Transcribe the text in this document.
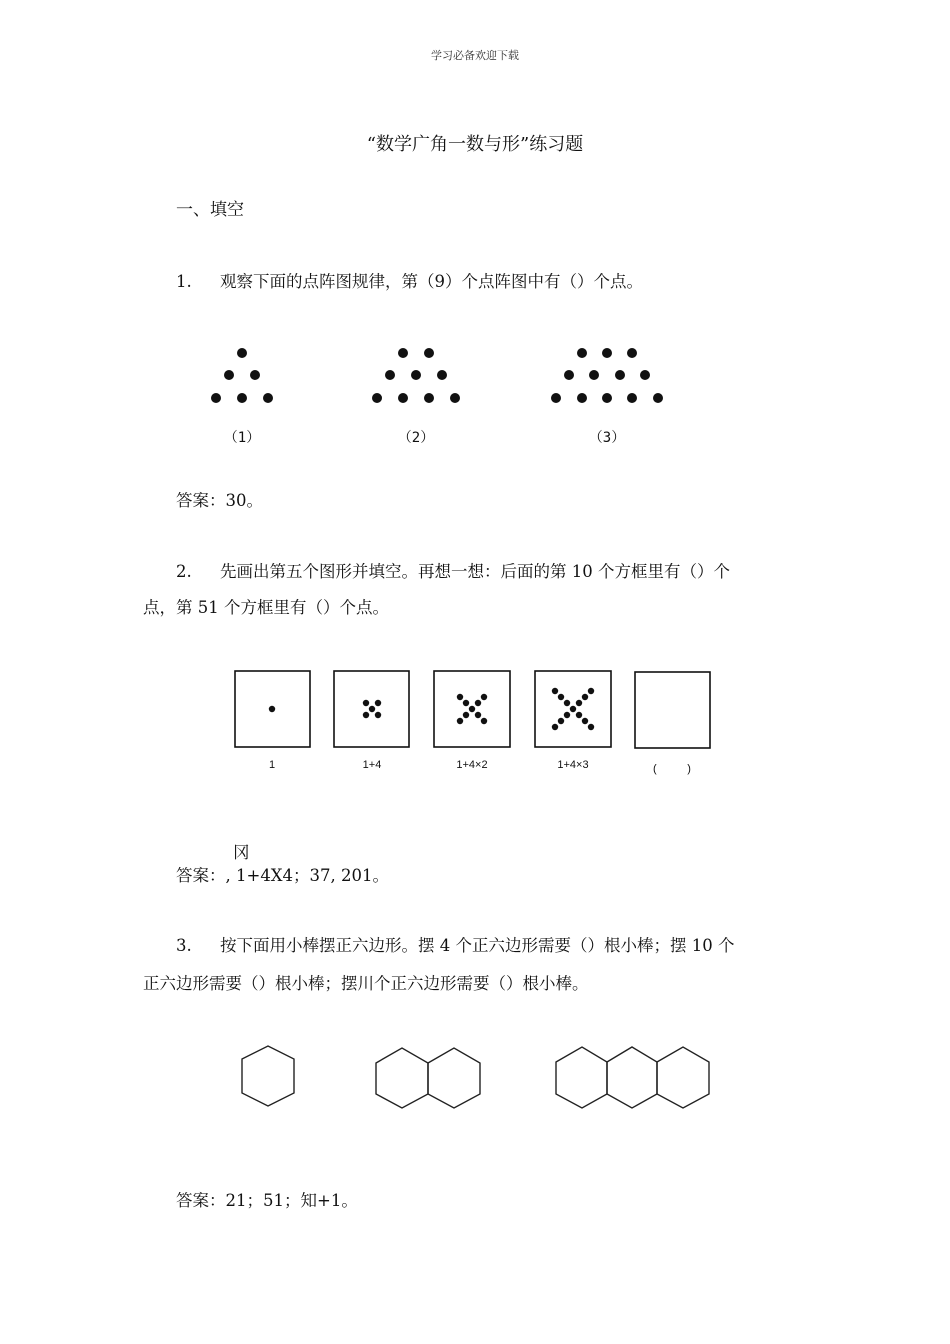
学习必备欢迎下载
“数学广角一数与形”练习题
一、填空
1. 观察下面的点阵图规律，第（9）个点阵图中有（）个点。
（1）	（2）	（3）
答案：30。
2. 先画出第五个图形并填空。再想一想：后面的第 10 个方框里有（）个
点，第 51 个方框里有（）个点。
1	1+4	1+4×2	1+4×3	(          )
冈
答案：, 1+4X4；37, 201。
3. 按下面用小棒摆正六边形。摆 4 个正六边形需要（）根小棒；摆 10 个
正六边形需要（）根小棒；摆川个正六边形需要（）根小棒。
答案：21；51；知+1。
